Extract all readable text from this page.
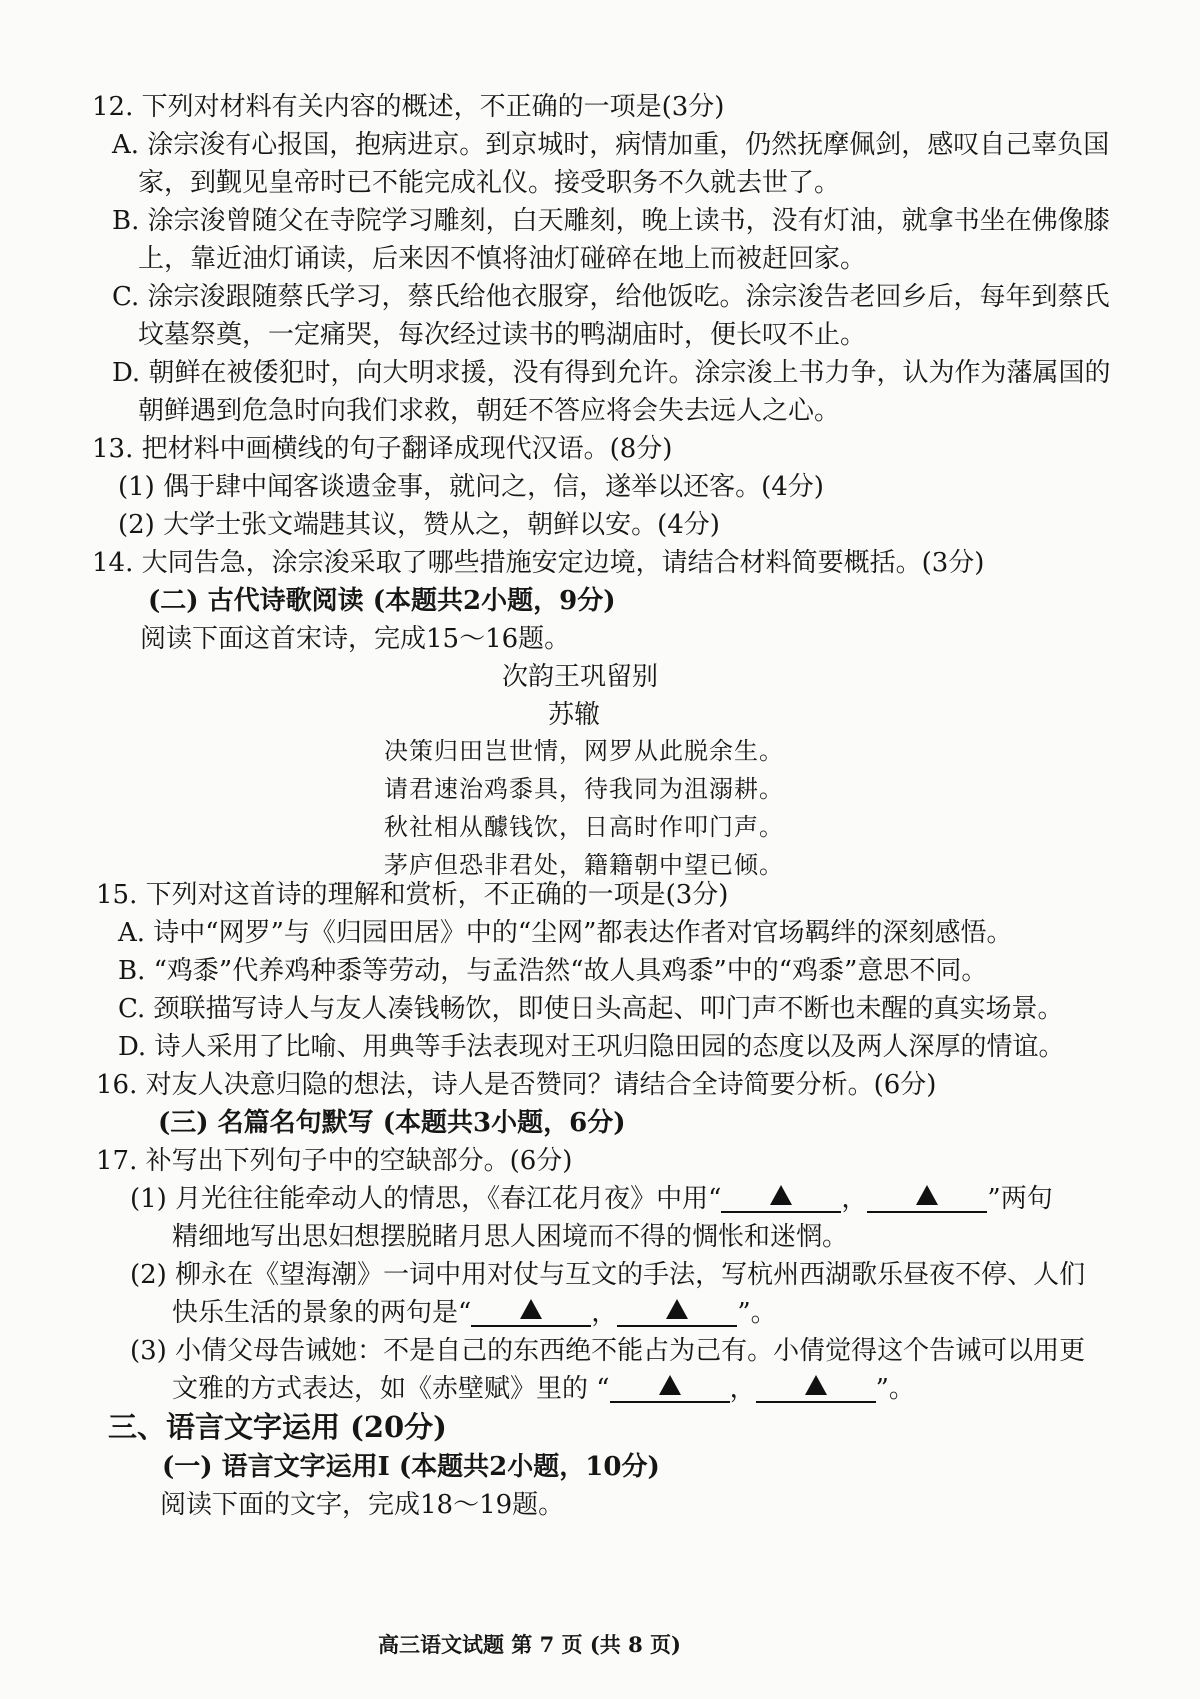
12. 下列对材料有关内容的概述，不正确的一项是(3分)
A. 涂宗浚有心报国，抱病进京。到京城时，病情加重，仍然抚摩佩剑，感叹自己辜负国
家，到觐见皇帝时已不能完成礼仪。接受职务不久就去世了。
B. 涂宗浚曾随父在寺院学习雕刻，白天雕刻，晚上读书，没有灯油，就拿书坐在佛像膝
上，靠近油灯诵读，后来因不慎将油灯碰碎在地上而被赶回家。
C. 涂宗浚跟随蔡氏学习，蔡氏给他衣服穿，给他饭吃。涂宗浚告老回乡后，每年到蔡氏
坟墓祭奠，一定痛哭，每次经过读书的鸭湖庙时，便长叹不止。
D. 朝鲜在被倭犯时，向大明求援，没有得到允许。涂宗浚上书力争，认为作为藩属国的
朝鲜遇到危急时向我们求救，朝廷不答应将会失去远人之心。
13. 把材料中画横线的句子翻译成现代汉语。(8分)
(1) 偶于肆中闻客谈遗金事，就问之，信，遂举以还客。(4分)
(2) 大学士张文端韪其议，赞从之，朝鲜以安。(4分)
14. 大同告急，涂宗浚采取了哪些措施安定边境，请结合材料简要概括。(3分)
(二) 古代诗歌阅读 (本题共2小题，9分)
阅读下面这首宋诗，完成15～16题。
次韵王巩留别
苏辙
决策归田岂世情，网罗从此脱余生。
请君速治鸡黍具，待我同为沮溺耕。
秋社相从醵钱饮，日高时作叩门声。
茅庐但恐非君处，籍籍朝中望已倾。
15. 下列对这首诗的理解和赏析，不正确的一项是(3分)
A. 诗中“网罗”与《归园田居》中的“尘网”都表达作者对官场羁绊的深刻感悟。
B. “鸡黍”代养鸡种黍等劳动，与孟浩然“故人具鸡黍”中的“鸡黍”意思不同。
C. 颈联描写诗人与友人凑钱畅饮，即使日头高起、叩门声不断也未醒的真实场景。
D. 诗人采用了比喻、用典等手法表现对王巩归隐田园的态度以及两人深厚的情谊。
16. 对友人决意归隐的想法，诗人是否赞同？请结合全诗简要分析。(6分)
(三) 名篇名句默写 (本题共3小题，6分)
17. 补写出下列句子中的空缺部分。(6分)
(1) 月光往往能牵动人的情思，《春江花月夜》中用“	，	”两句
精细地写出思妇想摆脱睹月思人困境而不得的惆怅和迷惘。
(2) 柳永在《望海潮》一词中用对仗与互文的手法，写杭州西湖歌乐昼夜不停、人们
快乐生活的景象的两句是“	，	”。
(3) 小倩父母告诫她：不是自己的东西绝不能占为己有。小倩觉得这个告诫可以用更
文雅的方式表达，如《赤壁赋》里的 “	，	”。
三、语言文字运用 (20分)
(一) 语言文字运用Ⅰ (本题共2小题，10分)
阅读下面的文字，完成18～19题。
高三语文试题 第 7 页 (共 8 页)
